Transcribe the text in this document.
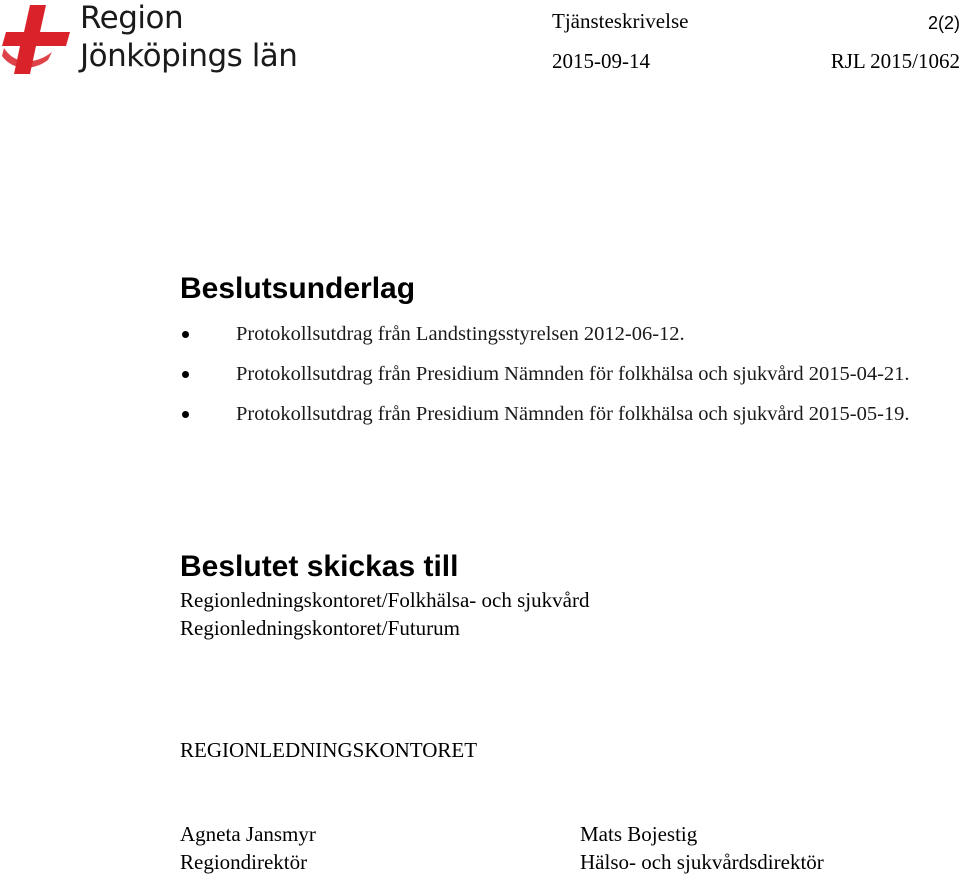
Region
Jönköpings län
Tjänsteskrivelse	2(2)
2015-09-14	RJL 2015/1062
Beslutsunderlag
Protokollsutdrag från Landstingsstyrelsen 2012-06-12.
Protokollsutdrag från Presidium Nämnden för folkhälsa och sjukvård 2015-04-21.
Protokollsutdrag från Presidium Nämnden för folkhälsa och sjukvård 2015-05-19.
Beslutet skickas till
Regionledningskontoret/Folkhälsa- och sjukvård
Regionledningskontoret/Futurum
REGIONLEDNINGSKONTORET
Agneta Jansmyr
Regiondirektör
Mats Bojestig
Hälso- och sjukvårdsdirektör
